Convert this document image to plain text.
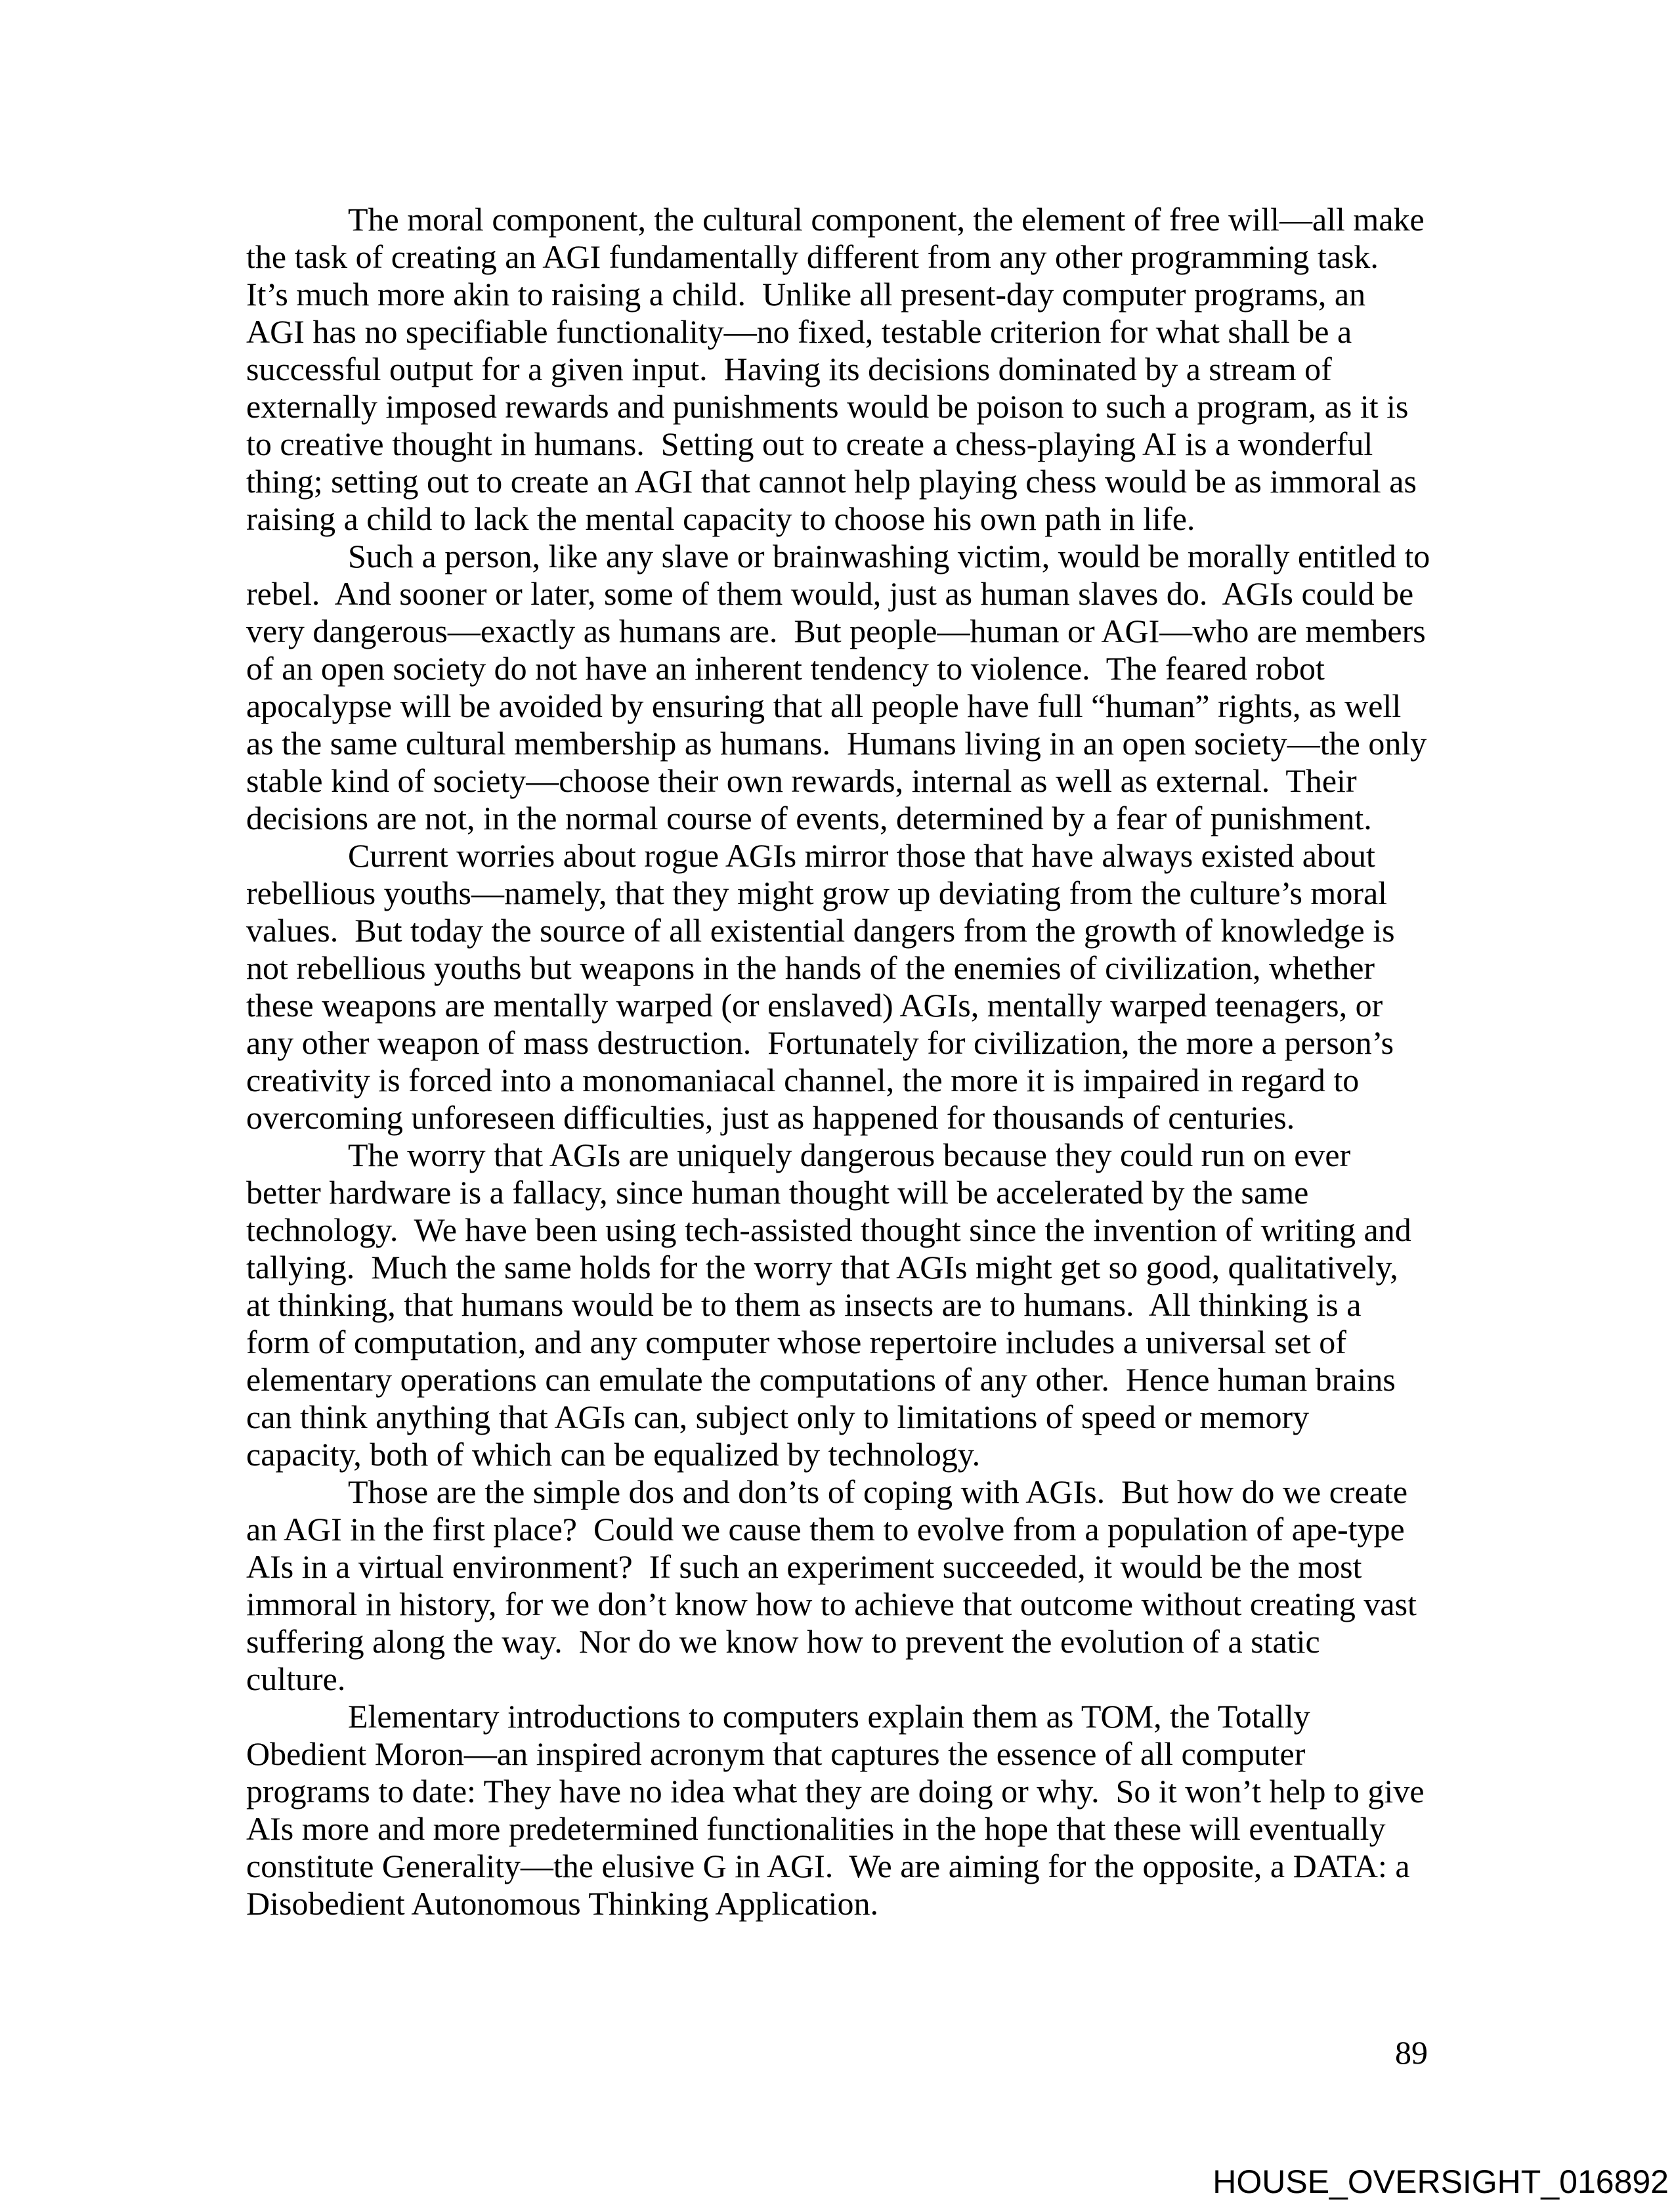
The moral component, the cultural component, the element of free will—all make
the task of creating an AGI fundamentally different from any other programming task.
It’s much more akin to raising a child.  Unlike all present-day computer programs, an
AGI has no specifiable functionality—no fixed, testable criterion for what shall be a
successful output for a given input.  Having its decisions dominated by a stream of
externally imposed rewards and punishments would be poison to such a program, as it is
to creative thought in humans.  Setting out to create a chess-playing AI is a wonderful
thing; setting out to create an AGI that cannot help playing chess would be as immoral as
raising a child to lack the mental capacity to choose his own path in life.
Such a person, like any slave or brainwashing victim, would be morally entitled to
rebel.  And sooner or later, some of them would, just as human slaves do.  AGIs could be
very dangerous—exactly as humans are.  But people—human or AGI—who are members
of an open society do not have an inherent tendency to violence.  The feared robot
apocalypse will be avoided by ensuring that all people have full “human” rights, as well
as the same cultural membership as humans.  Humans living in an open society—the only
stable kind of society—choose their own rewards, internal as well as external.  Their
decisions are not, in the normal course of events, determined by a fear of punishment.
Current worries about rogue AGIs mirror those that have always existed about
rebellious youths—namely, that they might grow up deviating from the culture’s moral
values.  But today the source of all existential dangers from the growth of knowledge is
not rebellious youths but weapons in the hands of the enemies of civilization, whether
these weapons are mentally warped (or enslaved) AGIs, mentally warped teenagers, or
any other weapon of mass destruction.  Fortunately for civilization, the more a person’s
creativity is forced into a monomaniacal channel, the more it is impaired in regard to
overcoming unforeseen difficulties, just as happened for thousands of centuries.
The worry that AGIs are uniquely dangerous because they could run on ever
better hardware is a fallacy, since human thought will be accelerated by the same
technology.  We have been using tech-assisted thought since the invention of writing and
tallying.  Much the same holds for the worry that AGIs might get so good, qualitatively,
at thinking, that humans would be to them as insects are to humans.  All thinking is a
form of computation, and any computer whose repertoire includes a universal set of
elementary operations can emulate the computations of any other.  Hence human brains
can think anything that AGIs can, subject only to limitations of speed or memory
capacity, both of which can be equalized by technology.
Those are the simple dos and don’ts of coping with AGIs.  But how do we create
an AGI in the first place?  Could we cause them to evolve from a population of ape-type
AIs in a virtual environment?  If such an experiment succeeded, it would be the most
immoral in history, for we don’t know how to achieve that outcome without creating vast
suffering along the way.  Nor do we know how to prevent the evolution of a static
culture.
Elementary introductions to computers explain them as TOM, the Totally
Obedient Moron—an inspired acronym that captures the essence of all computer
programs to date: They have no idea what they are doing or why.  So it won’t help to give
AIs more and more predetermined functionalities in the hope that these will eventually
constitute Generality—the elusive G in AGI.  We are aiming for the opposite, a DATA: a
Disobedient Autonomous Thinking Application.
89
HOUSE_OVERSIGHT_016892
